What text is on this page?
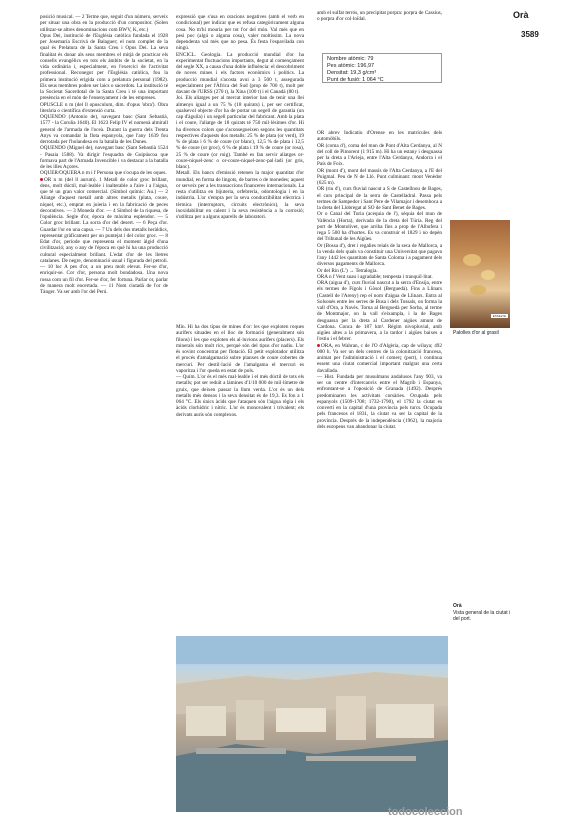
Orà
3589

posició musical. — 2 Terme que, seguit d'un número, serveix per situar una obra en la producció d'un compositor. (Solen utilitzar-se altres denominacions com BWV, K, etc.)

Opus Dei, institució de l'Església catòlica fundada el 1928 per Josemaría Escrivá de Balaguer; el nom complet de la qual és Prelatura de la Santa Creu i Opus Dei. La seva finalitat és donar als seus membres el mitjà de practicar els consells evangèlics en tots els àmbits de la societat, en la vida ordinària i, especialment, en l'exercici de l'activitat professional. Reconegut per l'Església catòlica, fou la primera institució erigida com a prelatura personal (1982). Els seus membres poden ser laics o sacerdots. La institució té la Societat Sacerdotal de la Santa Creu i té una important presència en el món de l'ensenyament i de les empreses.

OPUSCLE n m (del ll opusculum, dim. d'opus 'obra'). Obra literària o científica d'extensió curta.

OQUENDO (Antonio de), navegant basc (Sant Sebastià, 1577 - la Coruña 1640). El 1623 Felip IV el nomenà almirall general de l'armada de l'oceà. Durant la guerra dels Trenta Anys va comandar la flota espanyola, que l'any 1639 fou derrotada per l'holandesa en la batalla de les Dunes.

OQUENDO (Miguel de), navegant basc (Sant Sebastià 1524 - Pasaia 1588). Va dirigir l'esquadra de Guipúscoa que formava part de l'Armada Invencible i va destacar a la batalla de les illes Açores.

OQUER/OQUERA n m i f Persona que s'ocupa de les oques.

OR n m (del ll aurum). 1 Metall de color groc brillant, dens, molt dúctil, mal·leable i inalterable a l'aire i a l'aigua, que té un gran valor comercial. (Símbol químic: Au.) — 2 Aliatge d'aquest metall amb altres metalls (plata, coure, níquel, etc.), emprat en joieria i en la fabricació de peces decoratives. — 3 Moneda d'or. — 4 Símbol de la riquesa, de l'opulència. Segle d'or, època de màxima esplendor. — 5 Color groc brillant. La sorra d'or del desert. — 6 Peça d'or. Guardar l'or en una capsa. — 7 Un dels dos metalls heràldics, representat gràficament per un puntejat i del color groc. — 8 Edat d'or, període que representa el moment àlgid d'una civilització; any o any de l'època en què hi ha una producció cultural especialment brillant. L'edat d'or de les lletres catalanes. De negre, denominació usual i figurada del petroli. — 10 loc A pes d'or, a un preu molt elevat. Fer-se d'or, enriquir-se. Cor d'or, persona molt bondadosa. Una nova rossa com un fil d'or. Fer-se d'or, fer fortuna. Parlar or, parlar de manera molt encertada. — 11 Nom ciutadà de l'or de Tànger. Va ser amb l'or del Perú.

expressió que s'usa en oracions negatives (amb el verb en condicional) per indicar que es refusa categòricament alguna cosa. No m'hi mouria per tot l'or del món. Val més que en pesi poc (algú o alguna cosa), valer moltíssim. La nova dependenta val més que no pesa. És festa l'espavilada con ningú.

ENCICL. Geologia. La producció mundial d'or ha experimentat fluctuacions importants, degut al començament del segle XX, a causa d'una doble influència: el descobriment de noves mines i els factors econòmics i polítics. La producció mundial s'acosta avui a 3 500 t, assegurada especialment per l'Àfrica del Sud (prop de 700 t), molt per davant de l'URSS (270 t), la Xina (100 t) i el Canadà (80 t).

Joi. Els aliatges per al mercat interior han de tenir una llei almenys igual a un 75 % (18 quirats) i, per ser certificat, qualsevol objecte d'or ha de portar un segell de garantia (un cap d'àguila) i un segell particular del fabricant. Amb la plata i el coure, l'aliatge de 18 quirats té 750 mil·lèsimes d'or. Hi ha diversos colors que s'aconsegueixen segons les quantitats respectives d'aquests dos metalls: 25 % de plata (or verd), 19 % de plata i 6 % de coure (or blanc), 12,5 % de plata i 12,5 % de coure (or groc), 6 % de plata i 19 % de coure (or rosa), 25 % de coure (or roig). També es fan servir aliatges or-coure-níquel-zenc o or-coure-níquel-zenc-pal·ladi (or gris, blanc).

Metall. Els bancs d'emissió retenen la major quantitat d'or mundial, en forma de lingots, de barres o de monedes; aquest or serveix per a les transaccions financeres internacionals. La resta s'utilitza en bijuteria, orfebreria, odontologia i en la indústria. L'or s'empra per la seva conductibilitat elèctrica i tèrmica (interruptors, circuits electrònics), la seva inoxidabilitat en calent i la seva resistència a la corrosió; s'utilitza per a alguns aparells de laboratori.

Min. Hi ha dos tipus de mines d'or: les que exploten roques aurífers situades en el lloc de formació (generalment són filons) i les que exploten els al·luvions aurífers (placers). Els minerals són molt rics, perquè són del tipus d'or nadiu. L'or és sovint concentrat per flotació. El petit explotador utilitza el procés d'amalgamació sobre planxes de coure cobertes de mercuri. Per destil·lació de l'amalgama el mercuri es vaporitza i l'or queda en estat de pols.

— Quím. L'or és el més mal·leable i el més dúctil de tots els metalls; pot ser reduït a làmines d'1/10 000 de mil·límetre de gruix, que deixen passar la llum verda. L'or és un dels metalls més densos i la seva densitat és de 19,3. Es fon a 1 064 °C. Els únics àcids que l'ataquen són l'aigua règia i els àcids clorhídric i nítric. L'or és monovalent i trivalent; els derivats auris són complexos.

amb el sulfat terrós, un precipitat porpra: porpra de Cassius, o porpra d'or col·loïdal.

Nombre atòmic: 79
Pes atòmic: 196,97
Densitat: 19,3 g/cm³
Punt de fusió: 1 064 °C

OR abrev Indicatiu d'Orense en les matrícules dels automòbils.

OR (coma d'), coma del mun de Pont d'Alta Cerdanya, al N del coll de Pimorent (1 915 m). Hi ha un estany i desguassa per la dreta a l'Arieja, entre l'Alta Cerdanya, Andorra i el País de Foix.

OR (mont d'), mont del massís de l'Alta Cerdanya, a l'E del Puigmal. Peu de N de Lló. Punt culminant: mont Venèdor (625 m).

OR (riu d'), curs fluvial nascut a S de Castellnou de Bages, el curs principal de la serra de Castelladral. Passa pels termes de Sampedor i Sant Pere de Vilamajor i desemboca a la dreta del Llobregat al SO de Sant Benet de Bages.

Or o Canal del Turia (acequia de l'), sèquia del mun de València (Horta), derivada de la dreta del Túria. Reg del port de Montolivet, que arriba fins a prop de l'Albufera i rega 5 500 ha d'hortes. Es va construir el 1829 i no depèn del Tribunal de les Aigües.

Or (Bossa d'), dret i regalies reials de la seca de Mallorca, a la venda dels quals va constituir una Universitat que pagava l'any 1442 les quantitats de Santa Coloma i a pagament dels diversos pagaments de Mallorca.

Or del Rin (L') → Tetralogia.

ORA n f Vent suau i agradable; tempesta i tranquil·litat.

ORA (aigua d'), curs fluvial nascut a la serra d'Ensija, entre els termes de Fígols i Gòsol (Berguedà). Fins a Llinars (Castell de l'Areny) rep el nom d'aigua de Llinars. Entra al Solsonès entre les serres de Busa i dels Tossals, on forma la vall d'Ora, a Navès. Torna al Berguedà per Sorba, al terme de Montmajor, on la vall s'eixampla, i la de Bages desguassa per la dreta al Cardener aigües amunt de Cardona. Conca de 187 km². Règim nivopluvial, amb aigües altes a la primavera, a la tardor i aigües baixes a l'estiu i el febrer.

ORA, en Wahran, c de l'O d'Algèria, cap de wilaya; 492 000 h. Va ser un dels centres de la colonització francesa, animat per l'administració i el comerç (port), i continua essent una ciutat comercial important malgrat una certa davallada.

— Hist. Fundada per musulmans andalusos l'any 903, va ser un centre d'intercanvis entre el Magrib i Espanya, enfrontant-se a l'oposició de Granada (1492). Després predominaren les activitats corsàries. Ocupada pels espanyols (1509-1708; 1732-1790), el 1792 la ciutat es convertí en la capital d'una província pels turcs. Ocupada pels francesos el 1831, la ciutat va ser la capital de la província. Després de la independència (1962), la majoria dels europeus van abandonar la ciutat.

ESSELTE
Palolles d'or al grasil
Orà
Vista general de la ciutat i del port.
todocoleccion
